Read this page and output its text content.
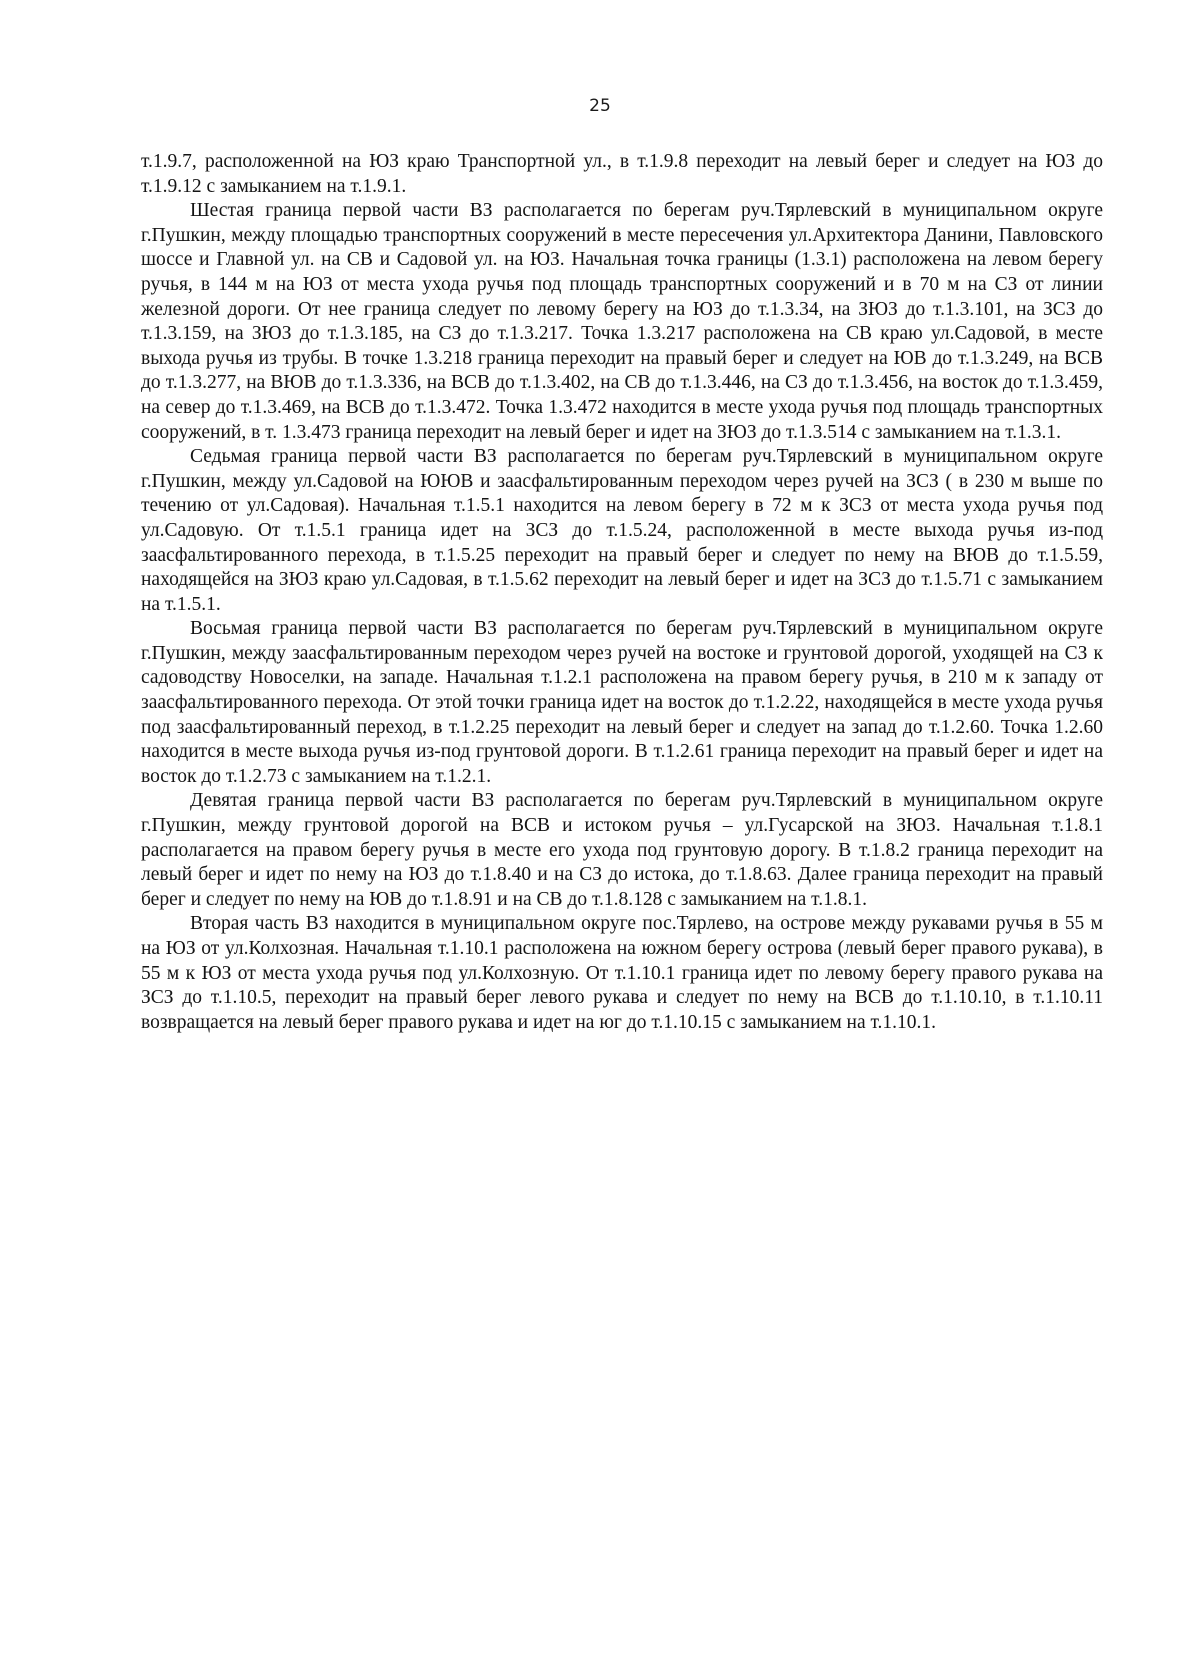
25

т.1.9.7, расположенной на ЮЗ краю Транспортной ул., в т.1.9.8 переходит на левый берег и следует на ЮЗ до т.1.9.12 с замыканием на т.1.9.1.

Шестая граница первой части ВЗ располагается по берегам руч.Тярлевский в муниципальном округе г.Пушкин, между площадью транспортных сооружений в месте пересечения ул.Архитектора Данини, Павловского шоссе и Главной ул. на СВ и Садовой ул. на ЮЗ. Начальная точка границы (1.3.1) расположена на левом берегу ручья, в 144 м на ЮЗ от места ухода ручья под площадь транспортных сооружений и в 70 м на СЗ от линии железной дороги. От нее граница следует по левому берегу на ЮЗ до т.1.3.34, на ЗЮЗ до т.1.3.101, на ЗСЗ до т.1.3.159, на ЗЮЗ до т.1.3.185, на СЗ до т.1.3.217. Точка 1.3.217 расположена на СВ краю ул.Садовой, в месте выхода ручья из трубы. В точке 1.3.218 граница переходит на правый берег и следует на ЮВ до т.1.3.249, на ВСВ до т.1.3.277, на ВЮВ до т.1.3.336, на ВСВ до т.1.3.402, на СВ до т.1.3.446, на СЗ до т.1.3.456, на восток до т.1.3.459, на север до т.1.3.469, на ВСВ до т.1.3.472. Точка 1.3.472 находится в месте ухода ручья под площадь транспортных сооружений, в т. 1.3.473 граница переходит на левый берег и идет на ЗЮЗ до т.1.3.514 с замыканием на т.1.3.1.

Седьмая граница первой части ВЗ располагается по берегам руч.Тярлевский в муниципальном округе г.Пушкин, между ул.Садовой на ЮЮВ и заасфальтированным переходом через ручей на ЗСЗ ( в 230 м выше по течению от ул.Садовая). Начальная т.1.5.1 находится на левом берегу в 72 м к ЗСЗ от места ухода ручья под ул.Садовую. От т.1.5.1 граница идет на ЗСЗ до т.1.5.24, расположенной в месте выхода ручья из-под заасфальтированного перехода, в т.1.5.25 переходит на правый берег и следует по нему на ВЮВ до т.1.5.59, находящейся на ЗЮЗ краю ул.Садовая, в т.1.5.62 переходит на левый берег и идет на ЗСЗ до т.1.5.71 с замыканием на т.1.5.1.

Восьмая граница первой части ВЗ располагается по берегам руч.Тярлевский в муниципальном округе г.Пушкин, между заасфальтированным переходом через ручей на востоке и грунтовой дорогой, уходящей на СЗ к садоводству Новоселки, на западе. Начальная т.1.2.1 расположена на правом берегу ручья, в 210 м к западу от заасфальтированного перехода. От этой точки граница идет на восток до т.1.2.22, находящейся в месте ухода ручья под заасфальтированный переход, в т.1.2.25 переходит на левый берег и следует на запад до т.1.2.60. Точка 1.2.60 находится в месте выхода ручья из-под грунтовой дороги. В т.1.2.61 граница переходит на правый берег и идет на восток до т.1.2.73 с замыканием на т.1.2.1.

Девятая граница первой части ВЗ располагается по берегам руч.Тярлевский в муниципальном округе г.Пушкин, между грунтовой дорогой на ВСВ и истоком ручья – ул.Гусарской на ЗЮЗ. Начальная т.1.8.1 располагается на правом берегу ручья в месте его ухода под грунтовую дорогу. В т.1.8.2 граница переходит на левый берег и идет по нему на ЮЗ до т.1.8.40 и на СЗ до истока, до т.1.8.63. Далее граница переходит на правый берег и следует по нему на ЮВ до т.1.8.91 и на СВ до т.1.8.128 с замыканием на т.1.8.1.

Вторая часть ВЗ находится в муниципальном округе пос.Тярлево, на острове между рукавами ручья в 55 м на ЮЗ от ул.Колхозная. Начальная т.1.10.1 расположена на южном берегу острова (левый берег правого рукава), в 55 м к ЮЗ от места ухода ручья под ул.Колхозную. От т.1.10.1 граница идет по левому берегу правого рукава на ЗСЗ до т.1.10.5, переходит на правый берег левого рукава и следует по нему на ВСВ до т.1.10.10, в т.1.10.11 возвращается на левый берег правого рукава и идет на юг до т.1.10.15 с замыканием на т.1.10.1.
